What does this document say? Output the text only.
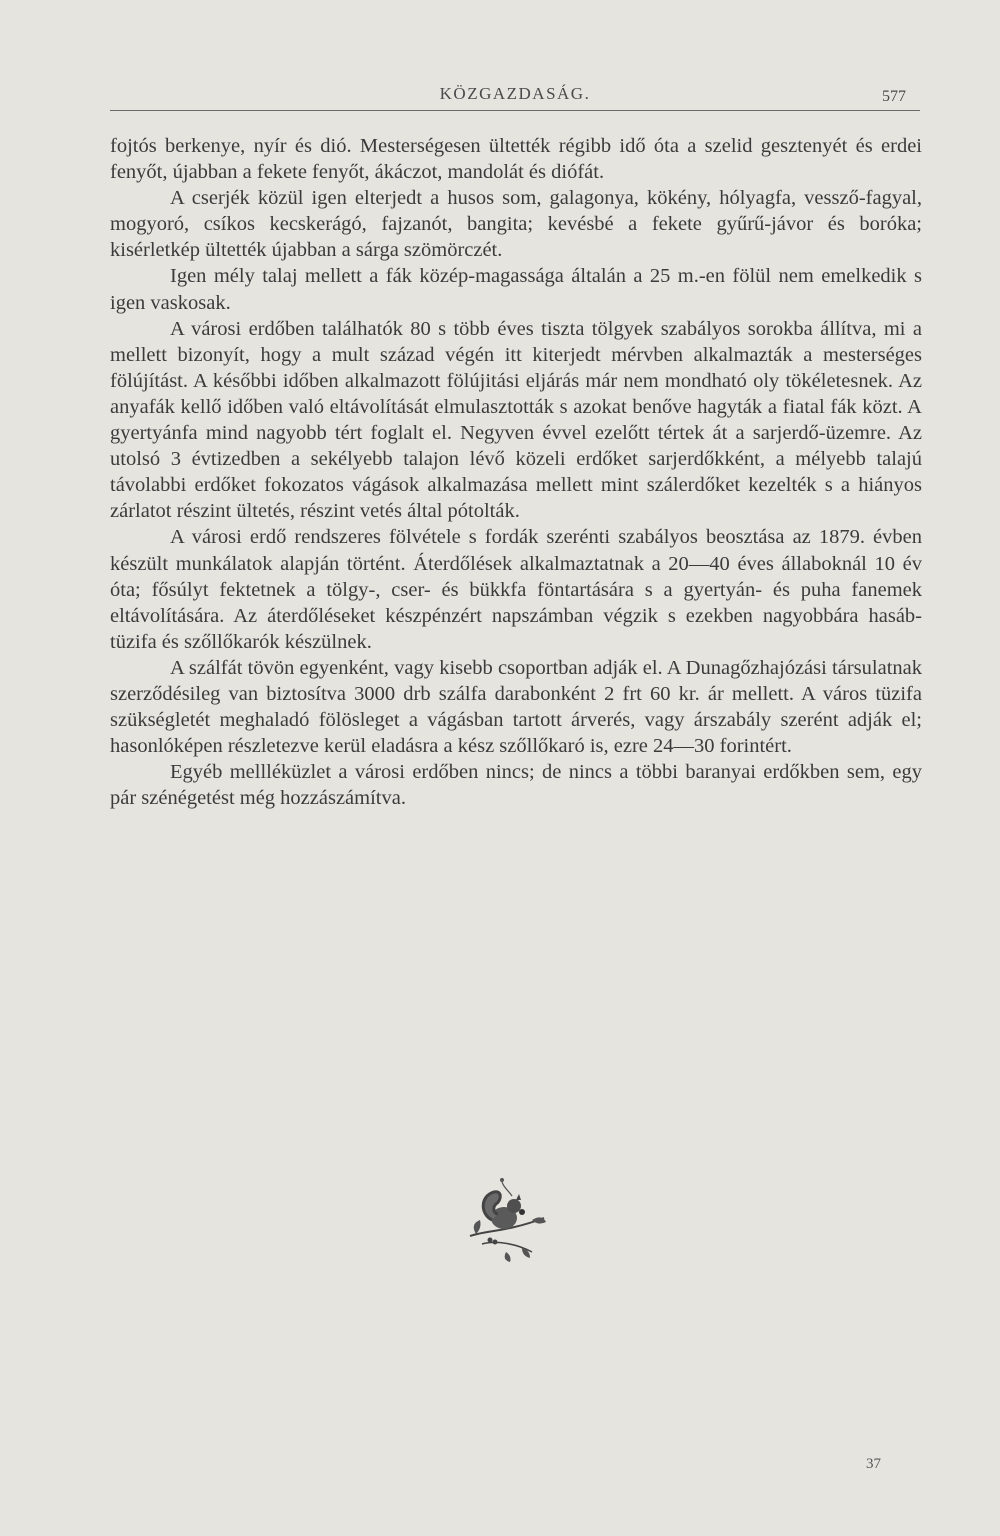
KÖZGAZDASÁG.	577

fojtós berkenye, nyír és dió. Mesterségesen ültették régibb idő óta a szelid gesztenyét és erdei fenyőt, újabban a fekete fenyőt, ákáczot, mandolát és diófát.

A cserjék közül igen elterjedt a husos som, galagonya, kökény, hólyagfa, vessző-fagyal, mogyoró, csíkos kecskerágó, fajzanót, bangita; kevésbé a fekete gyűrű-jávor és boróka; kisérletkép ültették újabban a sárga szömörczét.

Igen mély talaj mellett a fák közép-magassága általán a 25 m.-en fölül nem emelkedik s igen vaskosak.

A városi erdőben találhatók 80 s több éves tiszta tölgyek szabályos sorokba állítva, mi a mellett bizonyít, hogy a mult század végén itt kiterjedt mérvben alkalmazták a mesterséges fölújítást. A későbbi időben alkalmazott fölújitási eljárás már nem mondható oly tökéletesnek. Az anyafák kellő időben való eltávolítását elmulasztották s azokat benőve hagyták a fiatal fák közt. A gyertyánfa mind nagyobb tért foglalt el. Negyven évvel ezelőtt tértek át a sarjerdő-üzemre. Az utolsó 3 évtizedben a sekélyebb talajon lévő közeli erdőket sarjerdőkként, a mélyebb talajú távolabbi erdőket fokozatos vágások alkalmazása mellett mint szálerdőket kezelték s a hiányos zárlatot részint ültetés, részint vetés által pótolták.

A városi erdő rendszeres fölvétele s fordák szerénti szabályos beosztása az 1879. évben készült munkálatok alapján történt. Áterdőlések alkalmaztatnak a 20—40 éves állaboknál 10 év óta; fősúlyt fektetnek a tölgy-, cser- és bükkfa föntartására s a gyertyán- és puha fanemek eltávolítására. Az áterdőléseket készpénzért napszámban végzik s ezekben nagyobbára hasáb-tüzifa és szőllőkarók készülnek.

A szálfát tövön egyenként, vagy kisebb csoportban adják el. A Dunagőzhajózási társulatnak szerződésileg van biztosítva 3000 drb szálfa darabonként 2 frt 60 kr. ár mellett. A város tüzifa szükségletét meghaladó fölösleget a vágásban tartott árverés, vagy árszabály szerént adják el; hasonlóképen részletezve kerül eladásra a kész szőllőkaró is, ezre 24—30 forintért.

Egyéb mellléküzlet a városi erdőben nincs; de nincs a többi baranyai erdőkben sem, egy pár szénégetést még hozzászámítva.

37
